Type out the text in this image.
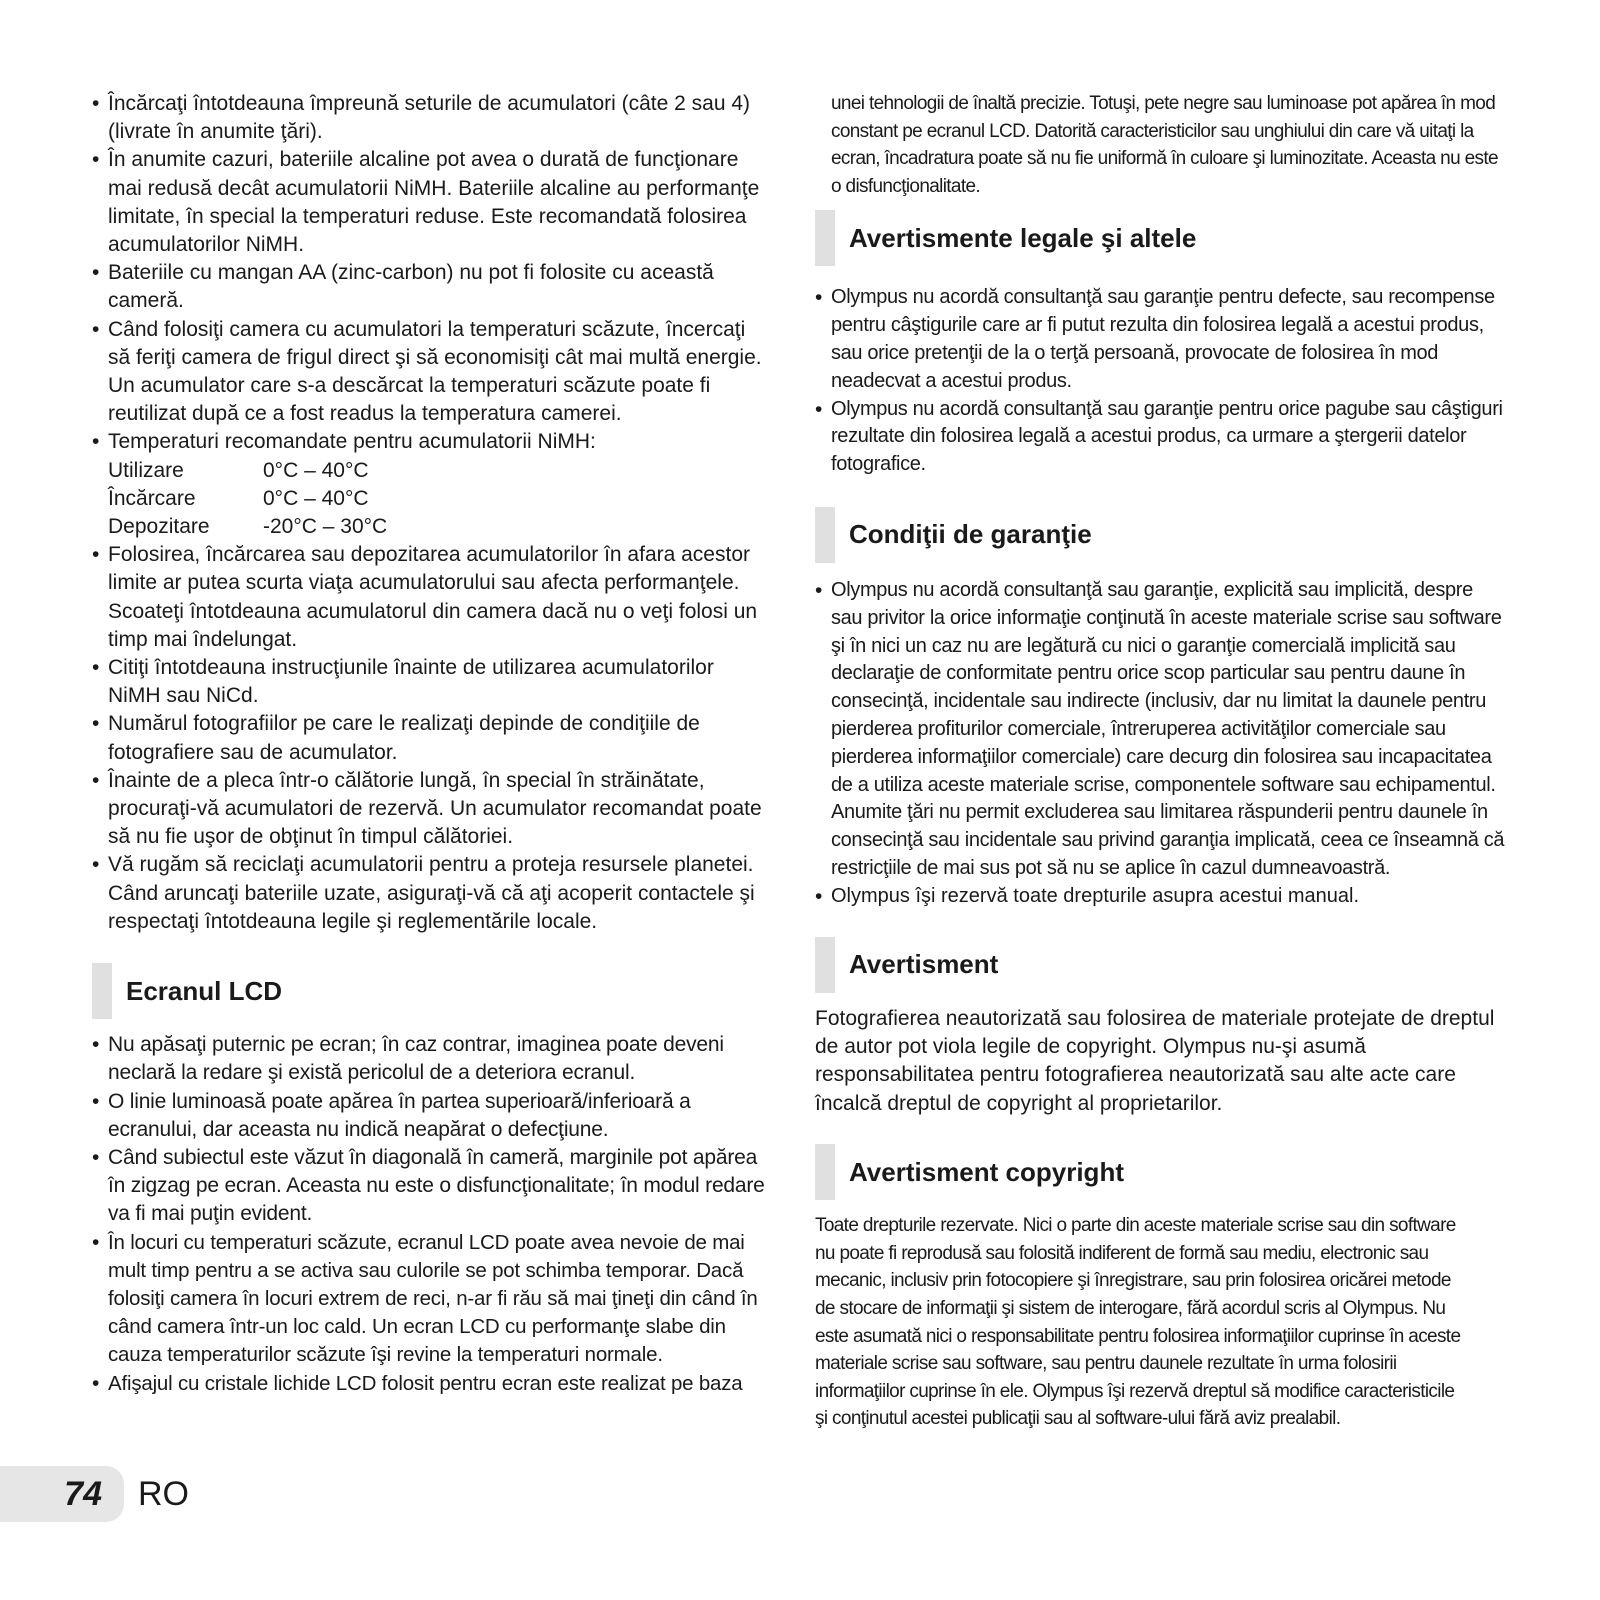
• Încărcaţi întotdeauna împreună seturile de acumulatori (câte 2 sau 4) (livrate în anumite ţări).
• În anumite cazuri, bateriile alcaline pot avea o durată de funcţionare mai redusă decât acumulatorii NiMH. Bateriile alcaline au performanţe limitate, în special la temperaturi reduse. Este recomandată folosirea acumulatorilor NiMH.
• Bateriile cu mangan AA (zinc-carbon) nu pot fi folosite cu această cameră.
• Când folosiţi camera cu acumulatori la temperaturi scăzute, încercaţi să feriţi camera de frigul direct şi să economisiţi cât mai multă energie. Un acumulator care s-a descărcat la temperaturi scăzute poate fi reutilizat după ce a fost readus la temperatura camerei.
• Temperaturi recomandate pentru acumulatorii NiMH:
Utilizare	0°C – 40°C
Încărcare	0°C – 40°C
Depozitare	-20°C – 30°C
• Folosirea, încărcarea sau depozitarea acumulatorilor în afara acestor limite ar putea scurta viaţa acumulatorului sau afecta performanţele. Scoateţi întotdeauna acumulatorul din camera dacă nu o veţi folosi un timp mai îndelungat.
• Citiţi întotdeauna instrucţiunile înainte de utilizarea acumulatorilor NiMH sau NiCd.
• Numărul fotografiilor pe care le realizaţi depinde de condiţiile de fotografiere sau de acumulator.
• Înainte de a pleca într-o călătorie lungă, în special în străinătate, procuraţi-vă acumulatori de rezervă. Un acumulator recomandat poate să nu fie uşor de obţinut în timpul călătoriei.
• Vă rugăm să reciclaţi acumulatorii pentru a proteja resursele planetei. Când aruncaţi bateriile uzate, asiguraţi-vă că aţi acoperit contactele şi respectaţi întotdeauna legile şi reglementările locale.
Ecranul LCD
• Nu apăsaţi puternic pe ecran; în caz contrar, imaginea poate deveni neclară la redare şi există pericolul de a deteriora ecranul.
• O linie luminoasă poate apărea în partea superioară/inferioară a ecranului, dar aceasta nu indică neapărat o defecţiune.
• Când subiectul este văzut în diagonală în cameră, marginile pot apărea în zigzag pe ecran. Aceasta nu este o disfuncţionalitate; în modul redare va fi mai puţin evident.
• În locuri cu temperaturi scăzute, ecranul LCD poate avea nevoie de mai mult timp pentru a se activa sau culorile se pot schimba temporar. Dacă folosiţi camera în locuri extrem de reci, n-ar fi rău să mai ţineţi din când în când camera într-un loc cald. Un ecran LCD cu performanţe slabe din cauza temperaturilor scăzute îşi revine la temperaturi normale.
• Afişajul cu cristale lichide LCD folosit pentru ecran este realizat pe baza

unei tehnologii de înaltă precizie. Totuşi, pete negre sau luminoase pot apărea în mod constant pe ecranul LCD. Datorită caracteristicilor sau unghiului din care vă uitaţi la ecran, încadratura poate să nu fie uniformă în culoare şi luminozitate. Aceasta nu este o disfuncţionalitate.

Avertismente legale şi altele
• Olympus nu acordă consultanţă sau garanţie pentru defecte, sau recompense pentru câştigurile care ar fi putut rezulta din folosirea legală a acestui produs, sau orice pretenţii de la o terţă persoană, provocate de folosirea în mod neadecvat a acestui produs.
• Olympus nu acordă consultanţă sau garanţie pentru orice pagube sau câştiguri rezultate din folosirea legală a acestui produs, ca urmare a ştergerii datelor fotografice.
Condiţii de garanţie
• Olympus nu acordă consultanţă sau garanţie, explicită sau implicită, despre sau privitor la orice informaţie conţinută în aceste materiale scrise sau software şi în nici un caz nu are legătură cu nici o garanţie comercială implicită sau declaraţie de conformitate pentru orice scop particular sau pentru daune în consecinţă, incidentale sau indirecte (inclusiv, dar nu limitat la daunele pentru pierderea profiturilor comerciale, întreruperea activităţilor comerciale sau pierderea informaţiilor comerciale) care decurg din folosirea sau incapacitatea de a utiliza aceste materiale scrise, componentele software sau echipamentul. Anumite ţări nu permit excluderea sau limitarea răspunderii pentru daunele în consecinţă sau incidentale sau privind garanţia implicată, ceea ce înseamnă că restricţiile de mai sus pot să nu se aplice în cazul dumneavoastră.
• Olympus îşi rezervă toate drepturile asupra acestui manual.
Avertisment

Fotografierea neautorizată sau folosirea de materiale protejate de dreptul de autor pot viola legile de copyright. Olympus nu-şi asumă responsabilitatea pentru fotografierea neautorizată sau alte acte care încalcă dreptul de copyright al proprietarilor.

Avertisment copyright

Toate drepturile rezervate. Nici o parte din aceste materiale scrise sau din software nu poate fi reprodusă sau folosită indiferent de formă sau mediu, electronic sau mecanic, inclusiv prin fotocopiere şi înregistrare, sau prin folosirea oricărei metode de stocare de informaţii şi sistem de interogare, fără acordul scris al Olympus. Nu este asumată nici o responsabilitate pentru folosirea informaţiilor cuprinse în aceste materiale scrise sau software, sau pentru daunele rezultate în urma folosirii informaţiilor cuprinse în ele. Olympus îşi rezervă dreptul să modifice caracteristicile şi conţinutul acestei publicaţii sau al software-ului fără aviz prealabil.

74 RO
